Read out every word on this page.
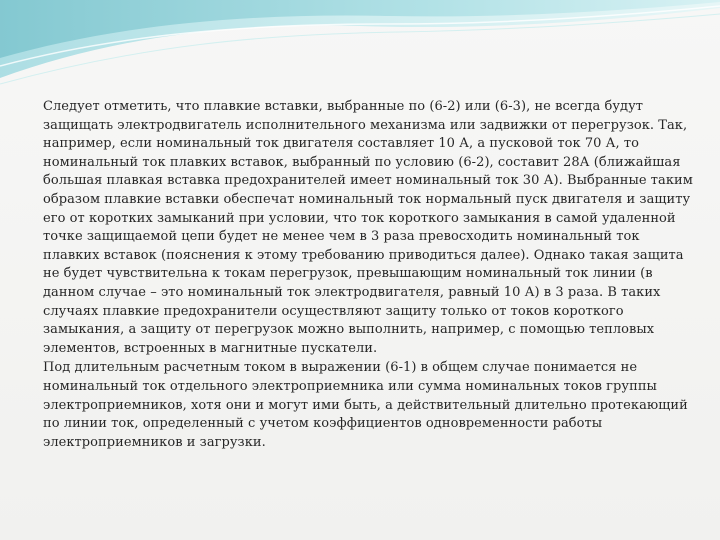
Следует отметить, что плавкие вставки, выбранные по (6-2) или (6-3), не всегда будут защищать электродвигатель исполнительного механизма или задвижки от перегрузок. Так, например, если номинальный ток двигателя составляет 10 А, а пусковой ток 70 А, то номинальный ток плавких вставок, выбранный по условию (6-2), составит 28А (ближайшая большая плавкая вставка предохранителей имеет номинальный ток 30 А). Выбранные таким образом плавкие вставки обеспечат номинальный ток нормальный пуск двигателя и защиту его от коротких замыканий при условии, что ток короткого замыкания в самой удаленной точке защищаемой цепи будет не менее чем в 3 раза превосходить номинальный ток плавких вставок (пояснения к этому требованию приводиться далее). Однако такая защита не будет чувствительна к токам перегрузок, превышающим номинальный ток линии (в данном случае – это номинальный ток электродвигателя, равный 10 А) в 3 раза. В таких случаях плавкие предохранители осуществляют защиту только от токов короткого замыкания, а защиту от перегрузок можно выполнить, например, с помощью тепловых элементов, встроенных в магнитные пускатели.

Под длительным расчетным током в выражении (6-1) в общем случае понимается не номинальный ток отдельного электроприемника или сумма номинальных токов группы электроприемников, хотя они и могут ими быть, а действительный длительно протекающий по линии ток, определенный с учетом коэффициентов одновременности работы электроприемников и загрузки.
